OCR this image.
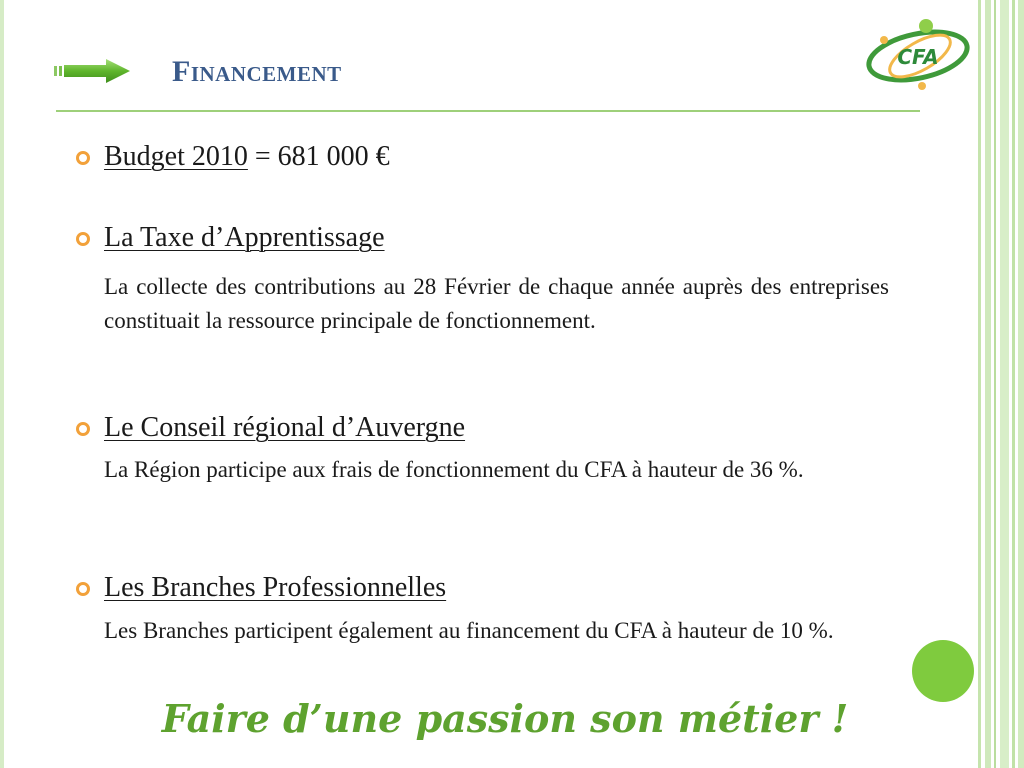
Financement	CFA

Budget 2010 = 681 000 €

La Taxe d’Apprentissage

La collecte des contributions au 28 Février de chaque année auprès des entreprises constituait la ressource principale de fonctionnement.

Le Conseil régional d’Auvergne

La Région participe aux frais de fonctionnement du CFA à hauteur de 36 %.

Les Branches Professionnelles

Les Branches participent également au financement du CFA à hauteur de 10 %.

Faire d’une passion son métier !
